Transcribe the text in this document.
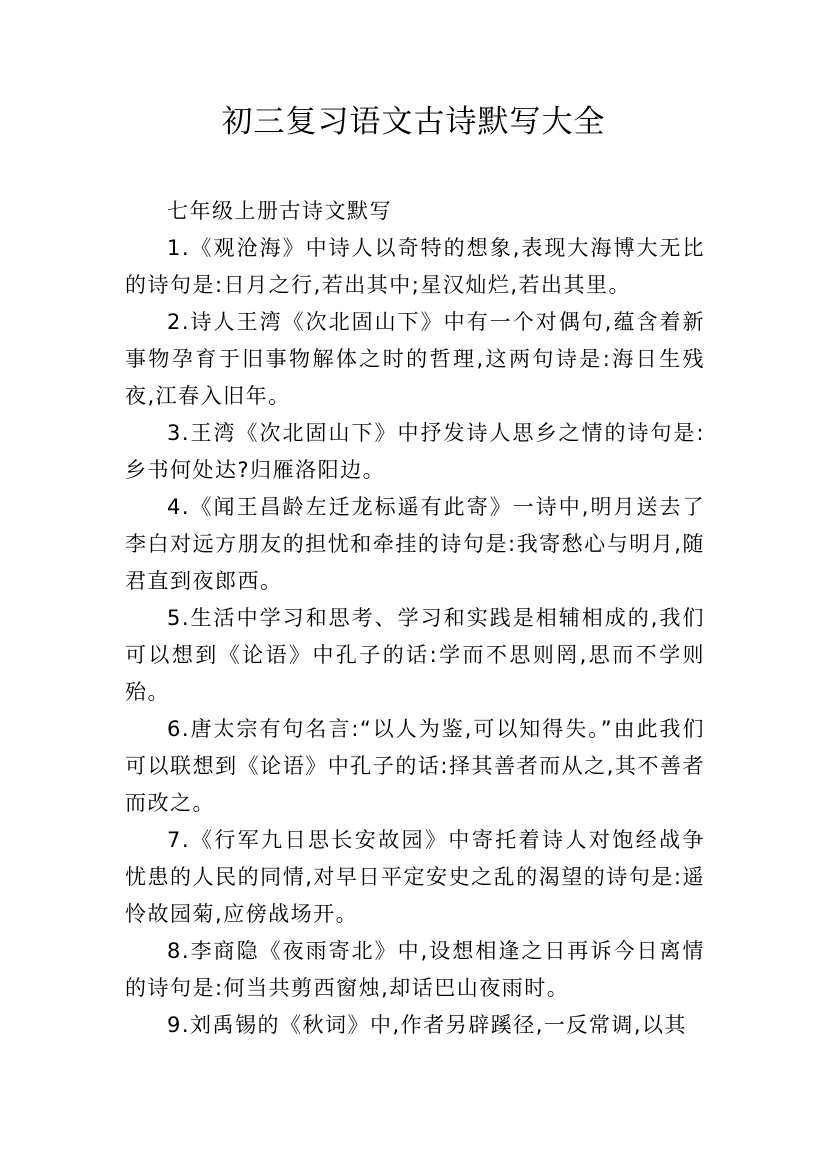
初三复习语文古诗默写大全

七年级上册古诗文默写

1.《观沧海》中诗人以奇特的想象,表现大海博大无比的诗句是:日月之行,若出其中;星汉灿烂,若出其里。

2.诗人王湾《次北固山下》中有一个对偶句,蕴含着新事物孕育于旧事物解体之时的哲理,这两句诗是:海日生残夜,江春入旧年。

3.王湾《次北固山下》中抒发诗人思乡之情的诗句是:乡书何处达?归雁洛阳边。

4.《闻王昌龄左迁龙标遥有此寄》一诗中,明月送去了李白对远方朋友的担忧和牵挂的诗句是:我寄愁心与明月,随君直到夜郎西。

5.生活中学习和思考、学习和实践是相辅相成的,我们可以想到《论语》中孔子的话:学而不思则罔,思而不学则殆。

6.唐太宗有句名言:“以人为鉴,可以知得失。”由此我们可以联想到《论语》中孔子的话:择其善者而从之,其不善者而改之。

7.《行军九日思长安故园》中寄托着诗人对饱经战争忧患的人民的同情,对早日平定安史之乱的渴望的诗句是:遥怜故园菊,应傍战场开。

8.李商隐《夜雨寄北》中,设想相逢之日再诉今日离情的诗句是:何当共剪西窗烛,却话巴山夜雨时。

9.刘禹锡的《秋词》中,作者另辟蹊径,一反常调,以其
